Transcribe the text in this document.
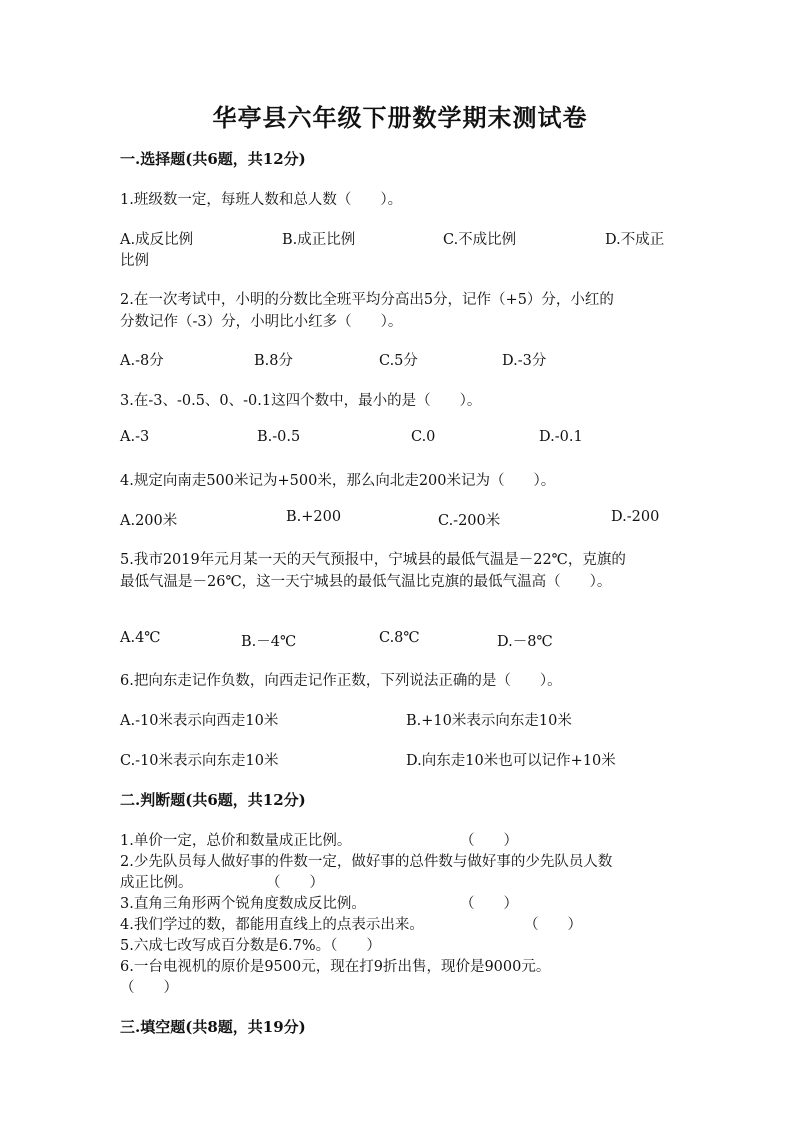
华亭县六年级下册数学期末测试卷
一.选择题(共6题，共12分)
1.班级数一定，每班人数和总人数（　　）。
A.成反比例	B.成正比例	C.不成比例	D.不成正
比例
2.在一次考试中，小明的分数比全班平均分高出5分，记作（+5）分，小红的
分数记作（-3）分，小明比小红多（　　）。
A.-8分	B.8分	C.5分	D.-3分
3.在-3、-0.5、0、-0.1这四个数中，最小的是（　　）。
A.-3	B.-0.5	C.0	D.-0.1
4.规定向南走500米记为+500米，那么向北走200米记为（　　）。
A.200米	B.+200	C.-200米	D.-200
5.我市2019年元月某一天的天气预报中，宁城县的最低气温是－22℃，克旗的
最低气温是－26℃，这一天宁城县的最低气温比克旗的最低气温高（　　）。
A.4℃	B.－4℃	C.8℃	D.－8℃
6.把向东走记作负数，向西走记作正数，下列说法正确的是（　　）。
A.-10米表示向西走10米	B.+10米表示向东走10米
C.-10米表示向东走10米	D.向东走10米也可以记作+10米
二.判断题(共6题，共12分)
1.单价一定，总价和数量成正比例。	（　　）
2.少先队员每人做好事的件数一定，做好事的总件数与做好事的少先队员人数
成正比例。	（　　）
3.直角三角形两个锐角度数成反比例。	（　　）
4.我们学过的数，都能用直线上的点表示出来。	（　　）
5.六成七改写成百分数是6.7%。（　　）
6.一台电视机的原价是9500元，现在打9折出售，现价是9000元。
（　　）
三.填空题(共8题，共19分)
